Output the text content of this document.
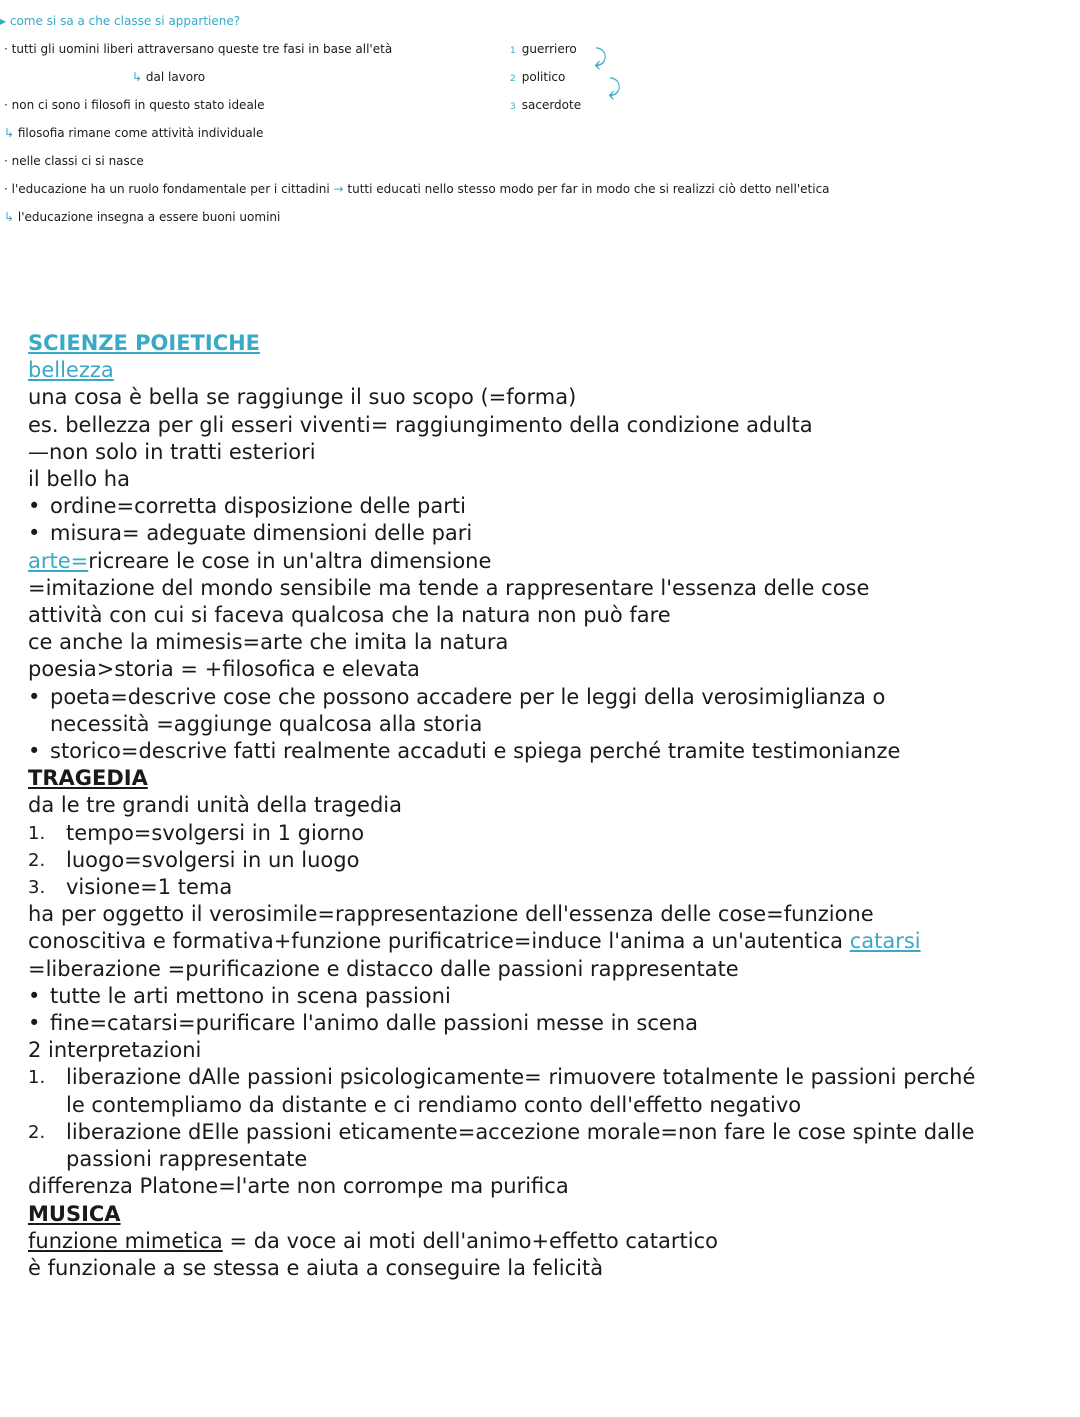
▸ come si sa a che classe si appartiene?
· tutti gli uomini liberi attraversano queste tre fasi in base all'età
↳ dal lavoro
· non ci sono i filosofi in questo stato ideale
↳ filosofia rimane come attività individuale
· nelle classi ci si nasce
· l'educazione ha un ruolo fondamentale per i cittadini → tutti educati nello stesso modo per far in modo che si realizzi ciò detto nell'etica
↳ l'educazione insegna a essere buoni uomini
1 guerriero
2 politico
3 sacerdote
⤸
⤸

SCIENZE POIETICHE

bellezza

una cosa è bella se raggiunge il suo scopo (=forma)

es. bellezza per gli esseri viventi= raggiungimento della condizione adulta

—non solo in tratti esteriori

il bello ha

• ordine=corretta disposizione delle parti
• misura= adeguate dimensioni delle pari

arte=ricreare le cose in un'altra dimensione

=imitazione del mondo sensibile ma tende a rappresentare l'essenza delle cose

attività con cui si faceva qualcosa che la natura non può fare

ce anche la mimesis=arte che imita la natura

poesia>storia = +filosofica e elevata

• poeta=descrive cose che possono accadere per le leggi della verosimiglianza o
necessità =aggiunge qualcosa alla storia
• storico=descrive fatti realmente accaduti e spiega perché tramite testimonianze

TRAGEDIA

da le tre grandi unità della tragedia

1. tempo=svolgersi in 1 giorno
2. luogo=svolgersi in un luogo
3. visione=1 tema

ha per oggetto il verosimile=rappresentazione dell'essenza delle cose=funzione

conoscitiva e formativa+funzione purificatrice=induce l'anima a un'autentica catarsi

=liberazione =purificazione e distacco dalle passioni rappresentate

• tutte le arti mettono in scena passioni
• fine=catarsi=purificare l'animo dalle passioni messe in scena

2 interpretazioni

1. liberazione dAlle passioni psicologicamente= rimuovere totalmente le passioni perché
le contempliamo da distante e ci rendiamo conto dell'effetto negativo
2. liberazione dElle passioni eticamente=accezione morale=non fare le cose spinte dalle
passioni rappresentate

differenza Platone=l'arte non corrompe ma purifica

MUSICA

funzione mimetica = da voce ai moti dell'animo+effetto catartico

è funzionale a se stessa e aiuta a conseguire la felicità
